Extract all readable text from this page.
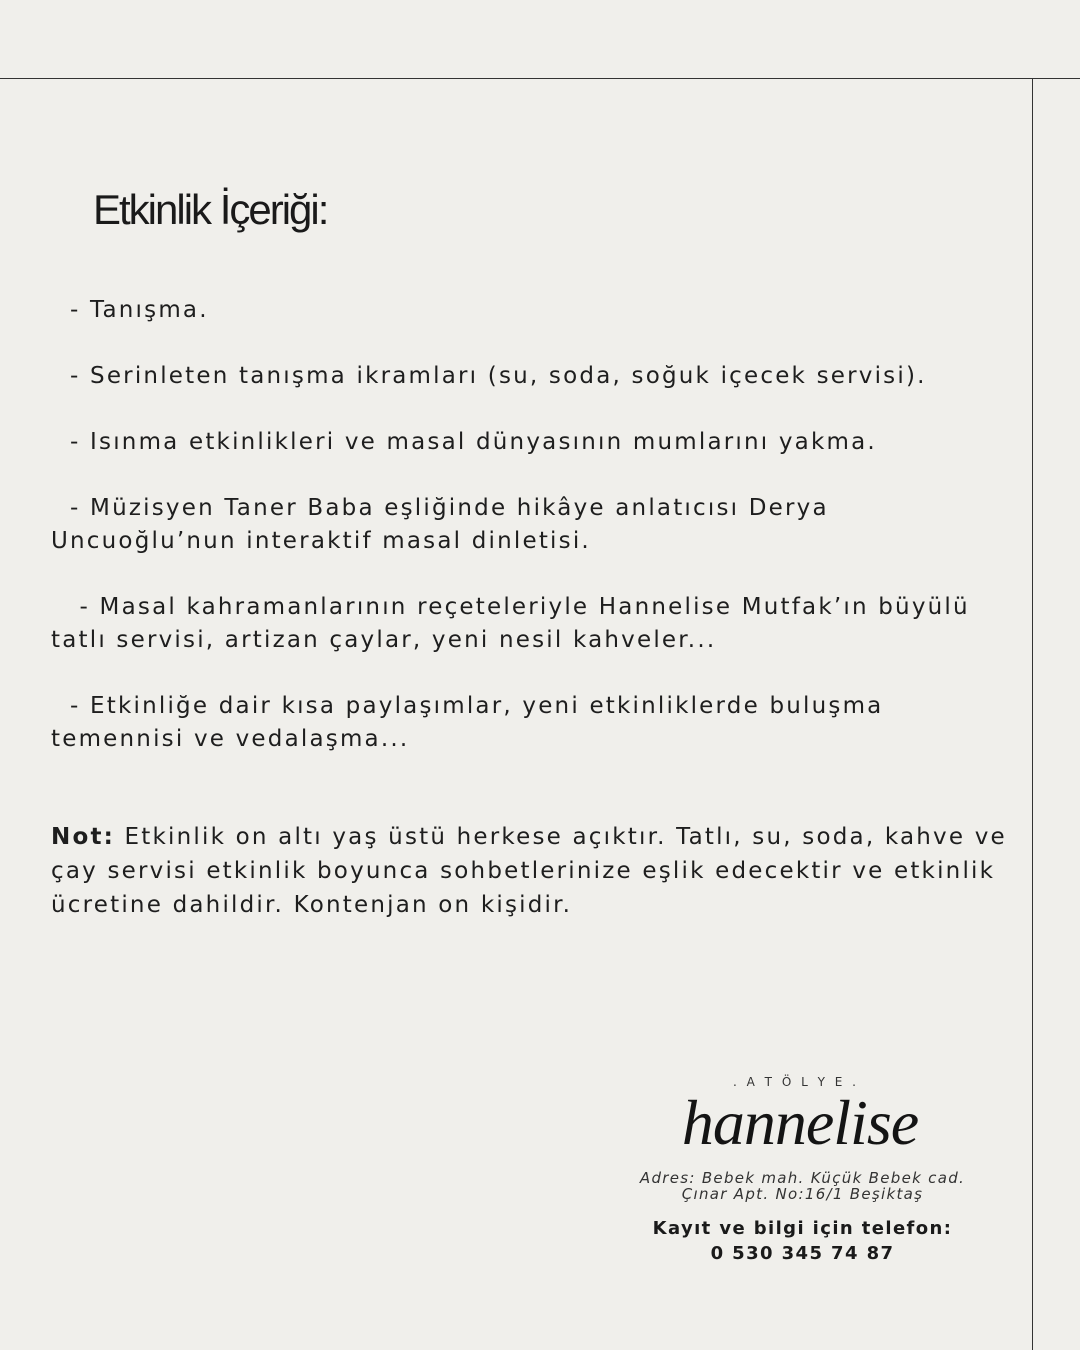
Etkinlik İçeriği:
- Tanışma.
- Serinleten tanışma ikramları (su, soda, soğuk içecek servisi).
- Isınma etkinlikleri ve masal dünyasının mumlarını yakma.
- Müzisyen Taner Baba eşliğinde hikâye anlatıcısı Derya Uncuoğlu’nun interaktif masal dinletisi.
- Masal kahramanlarının reçeteleriyle Hannelise Mutfak’ın büyülü tatlı servisi, artizan çaylar, yeni nesil kahveler...
- Etkinliğe dair kısa paylaşımlar, yeni etkinliklerde buluşma temennisi ve vedalaşma...

Not: Etkinlik on altı yaş üstü herkese açıktır. Tatlı, su, soda, kahve ve çay servisi etkinlik boyunca sohbetlerinize eşlik edecektir ve etkinlik ücretine dahildir. Kontenjan on kişidir.

. A T Ö L Y E .
hannelise
Adres: Bebek mah. Küçük Bebek cad.
Çınar Apt. No:16/1 Beşiktaş
Kayıt ve bilgi için telefon:
0 530 345 74 87
